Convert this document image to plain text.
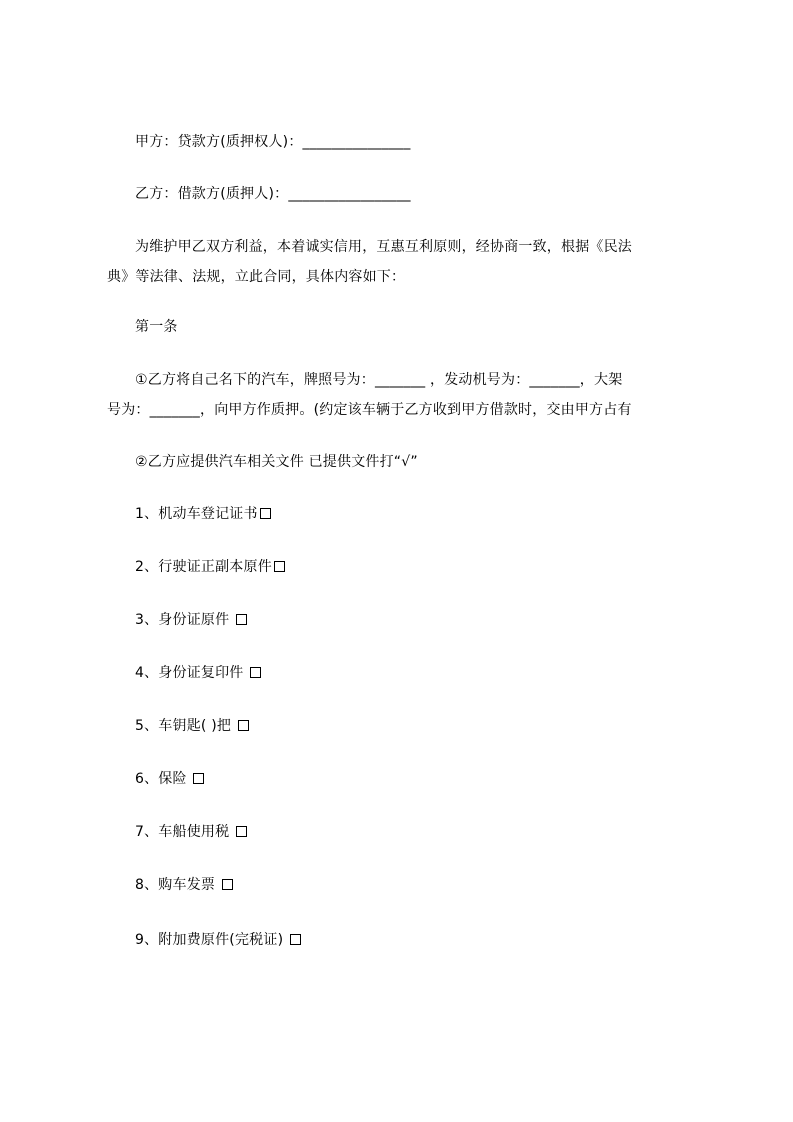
甲方：贷款方(质押权人)：_______________
乙方：借款方(质押人)：_________________
为维护甲乙双方利益，本着诚实信用，互惠互利原则，经协商一致，根据《民法
典》等法律、法规，立此合同，具体内容如下：
第一条
①乙方将自己名下的汽车，牌照号为：_______ ，发动机号为：_______，大架
号为：_______，向甲方作质押。(约定该车辆于乙方收到甲方借款时，交由甲方占有
②乙方应提供汽车相关文件 已提供文件打“√”
1、机动车登记证书
2、行驶证正副本原件
3、身份证原件
4、身份证复印件
5、车钥匙( )把
6、保险
7、车船使用税
8、购车发票
9、附加费原件(完税证)
